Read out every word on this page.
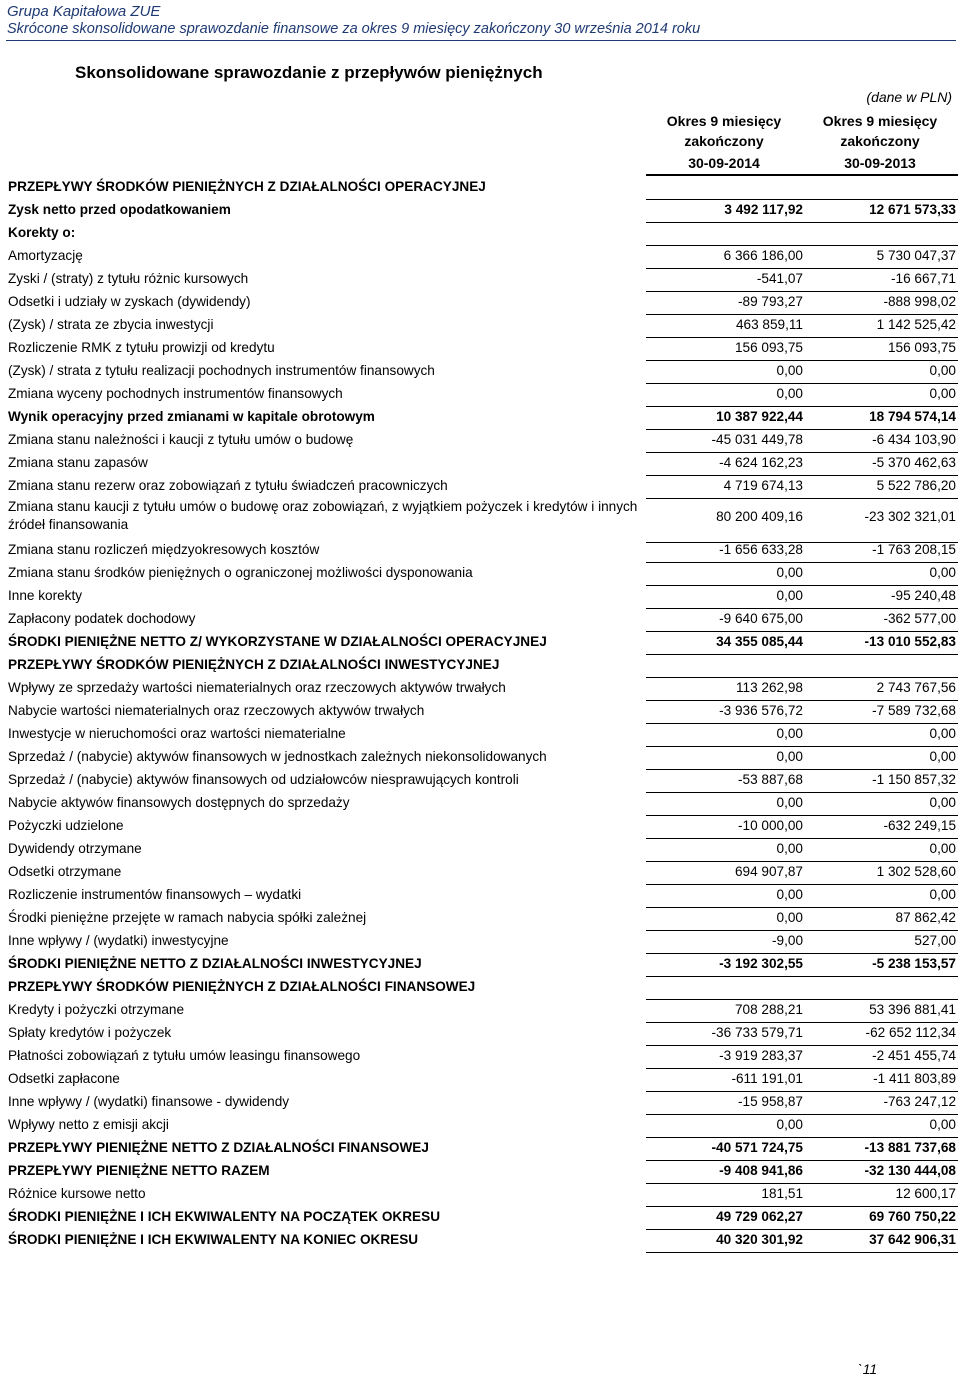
Grupa Kapitałowa ZUE
Skrócone skonsolidowane sprawozdanie finansowe za okres 9 miesięcy zakończony 30 września 2014 roku
Skonsolidowane sprawozdanie z przepływów pieniężnych
(dane w PLN)
Okres 9 miesięcy
zakończony
Okres 9 miesięcy
zakończony
30-09-2014	30-09-2013
PRZEPŁYWY ŚRODKÓW PIENIĘŻNYCH Z DZIAŁALNOŚCI OPERACYJNEJ
Zysk netto przed opodatkowaniem	3 492 117,92	12 671 573,33
Korekty o:
Amortyzację	6 366 186,00	5 730 047,37
Zyski / (straty) z tytułu różnic kursowych	-541,07	-16 667,71
Odsetki i udziały w zyskach (dywidendy)	-89 793,27	-888 998,02
(Zysk) / strata ze zbycia inwestycji	463 859,11	1 142 525,42
Rozliczenie RMK z tytułu prowizji od kredytu	156 093,75	156 093,75
(Zysk) / strata z tytułu realizacji pochodnych instrumentów finansowych	0,00	0,00
Zmiana wyceny pochodnych instrumentów finansowych	0,00	0,00
Wynik operacyjny przed zmianami w kapitale obrotowym	10 387 922,44	18 794 574,14
Zmiana stanu należności i kaucji z tytułu umów o budowę	-45 031 449,78	-6 434 103,90
Zmiana stanu zapasów	-4 624 162,23	-5 370 462,63
Zmiana stanu rezerw oraz zobowiązań z tytułu świadczeń pracowniczych	4 719 674,13	5 522 786,20
Zmiana stanu kaucji z tytułu umów o budowę oraz zobowiązań, z wyjątkiem pożyczek i kredytów i innych źródeł finansowania
80 200 409,16	-23 302 321,01
Zmiana stanu rozliczeń międzyokresowych kosztów	-1 656 633,28	-1 763 208,15
Zmiana stanu środków pieniężnych o ograniczonej możliwości dysponowania	0,00	0,00
Inne korekty	0,00	-95 240,48
Zapłacony podatek dochodowy	-9 640 675,00	-362 577,00
ŚRODKI PIENIĘŻNE NETTO Z/ WYKORZYSTANE W DZIAŁALNOŚCI OPERACYJNEJ	34 355 085,44	-13 010 552,83
PRZEPŁYWY ŚRODKÓW PIENIĘŻNYCH Z DZIAŁALNOŚCI INWESTYCYJNEJ
Wpływy ze sprzedaży wartości niematerialnych oraz rzeczowych aktywów trwałych	113 262,98	2 743 767,56
Nabycie wartości niematerialnych oraz rzeczowych aktywów trwałych	-3 936 576,72	-7 589 732,68
Inwestycje w nieruchomości oraz wartości niematerialne	0,00	0,00
Sprzedaż / (nabycie) aktywów finansowych w jednostkach zależnych niekonsolidowanych	0,00	0,00
Sprzedaż / (nabycie) aktywów finansowych od udziałowców niesprawujących kontroli	-53 887,68	-1 150 857,32
Nabycie aktywów finansowych dostępnych do sprzedaży	0,00	0,00
Pożyczki udzielone	-10 000,00	-632 249,15
Dywidendy otrzymane	0,00	0,00
Odsetki otrzymane	694 907,87	1 302 528,60
Rozliczenie instrumentów finansowych – wydatki	0,00	0,00
Środki pieniężne przejęte w ramach nabycia spółki zależnej	0,00	87 862,42
Inne wpływy / (wydatki) inwestycyjne	-9,00	527,00
ŚRODKI PIENIĘŻNE NETTO Z DZIAŁALNOŚCI INWESTYCYJNEJ	-3 192 302,55	-5 238 153,57
PRZEPŁYWY ŚRODKÓW PIENIĘŻNYCH Z DZIAŁALNOŚCI FINANSOWEJ
Kredyty i pożyczki otrzymane	708 288,21	53 396 881,41
Spłaty kredytów i pożyczek	-36 733 579,71	-62 652 112,34
Płatności zobowiązań z tytułu umów leasingu finansowego	-3 919 283,37	-2 451 455,74
Odsetki zapłacone	-611 191,01	-1 411 803,89
Inne wpływy / (wydatki) finansowe - dywidendy	-15 958,87	-763 247,12
Wpływy netto z emisji akcji	0,00	0,00
PRZEPŁYWY PIENIĘŻNE NETTO Z DZIAŁALNOŚCI FINANSOWEJ	-40 571 724,75	-13 881 737,68
PRZEPŁYWY PIENIĘŻNE NETTO RAZEM	-9 408 941,86	-32 130 444,08
Różnice kursowe netto	181,51	12 600,17
ŚRODKI PIENIĘŻNE I ICH EKWIWALENTY NA POCZĄTEK OKRESU	49 729 062,27	69 760 750,22
ŚRODKI PIENIĘŻNE I ICH EKWIWALENTY NA KONIEC OKRESU	40 320 301,92	37 642 906,31
`11
